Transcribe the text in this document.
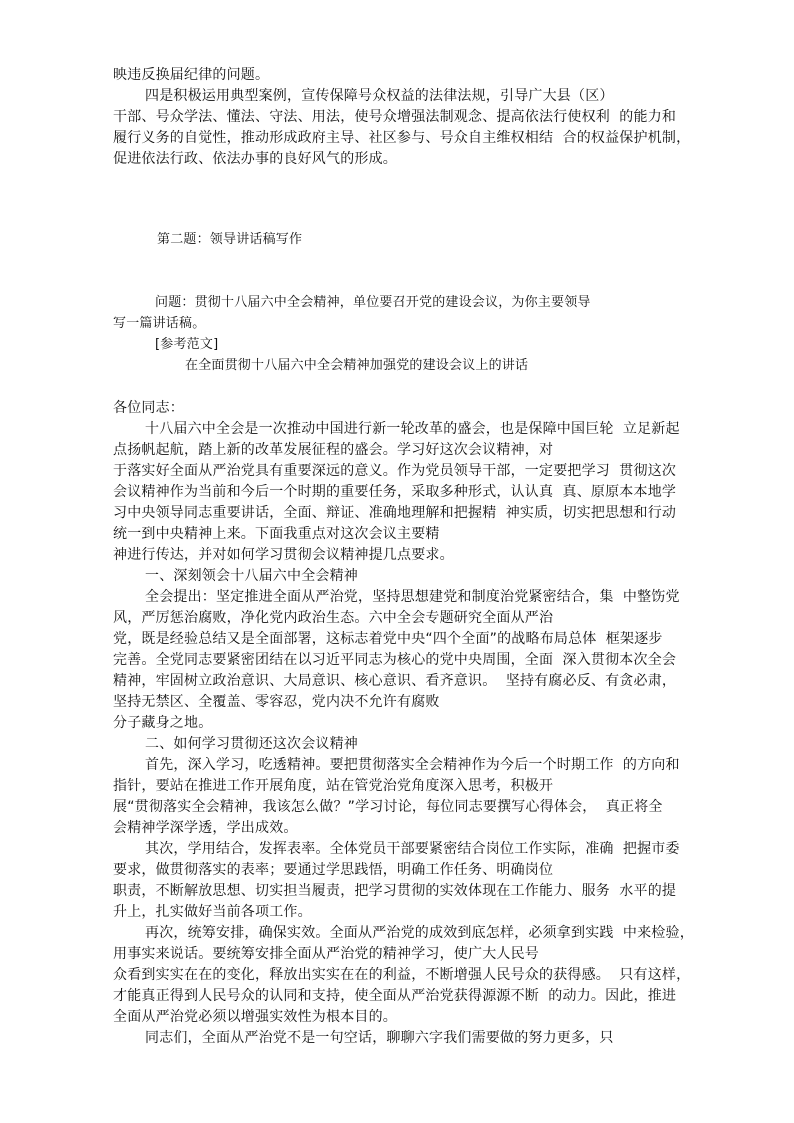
映违反换届纪律的问题。
四是积极运用典型案例，宣传保障号众权益的法律法规，引导广大县（区）
干部、号众学法、懂法、守法、用法，使号众增强法制观念、提高依法行使权利  的能力和
履行义务的自觉性，推动形成政府主导、社区参与、号众自主维权相结  合的权益保护机制，
促进依法行政、依法办事的良好风气的形成。
第二题：领导讲话稿写作
问题：贯彻十八届六中全会精神，单位要召开党的建设会议，为你主要领导
写一篇讲话稿。
[参考范文]
在全面贯彻十八届六中全会精神加强党的建设会议上的讲话
各位同志：
十八届六中全会是一次推动中国进行新一轮改革的盛会，也是保障中国巨轮  立足新起
点扬帆起航，踏上新的改革发展征程的盛会。学习好这次会议精神，对
于落实好全面从严治党具有重要深远的意义。作为党员领导干部，一定要把学习  贯彻这次
会议精神作为当前和今后一个时期的重要任务，采取多种形式，认认真  真、原原本本地学
习中央领导同志重要讲话，全面、辩证、准确地理解和把握精  神实质，切实把思想和行动
统一到中央精神上来。下面我重点对这次会议主要精
神进行传达，并对如何学习贯彻会议精神提几点要求。
一、深刻领会十八届六中全会精神
全会提出：坚定推进全面从严治党，坚持思想建党和制度治党紧密结合，集  中整饬党
风，严厉惩治腐败，净化党内政治生态。六中全会专题研究全面从严治
党，既是经验总结又是全面部署，这标志着党中央“四个全面”的战略布局总体  框架逐步
完善。全党同志要紧密团结在以习近平同志为核心的党中央周围，全面  深入贯彻本次全会
精神，牢固树立政治意识、大局意识、核心意识、看齐意识。  坚持有腐必反、有贪必肃，
坚持无禁区、全覆盖、零容忍，党内决不允许有腐败
分子藏身之地。
二、如何学习贯彻还这次会议精神
首先，深入学习，吃透精神。要把贯彻落实全会精神作为今后一个时期工作  的方向和
指针，要站在推进工作开展角度，站在管党治党角度深入思考，积极开
展“贯彻落实全会精神，我该怎么做？”学习讨论，每位同志要撰写心得体会，  真正将全
会精神学深学透，学出成效。
其次，学用结合，发挥表率。全体党员干部要紧密结合岗位工作实际，准确  把握市委
要求，做贯彻落实的表率；要通过学思践悟，明确工作任务、明确岗位
职责，不断解放思想、切实担当履责，把学习贯彻的实效体现在工作能力、服务  水平的提
升上，扎实做好当前各项工作。
再次，统筹安排，确保实效。全面从严治党的成效到底怎样，必须拿到实践  中来检验，
用事实来说话。要统筹安排全面从严治党的精神学习，使广大人民号
众看到实实在在的变化，释放出实实在在的利益，不断增强人民号众的获得感。  只有这样，
才能真正得到人民号众的认同和支持，使全面从严治党获得源源不断  的动力。因此，推进
全面从严治党必须以增强实效性为根本目的。
同志们，全面从严治党不是一句空话，聊聊六字我们需要做的努力更多，只
